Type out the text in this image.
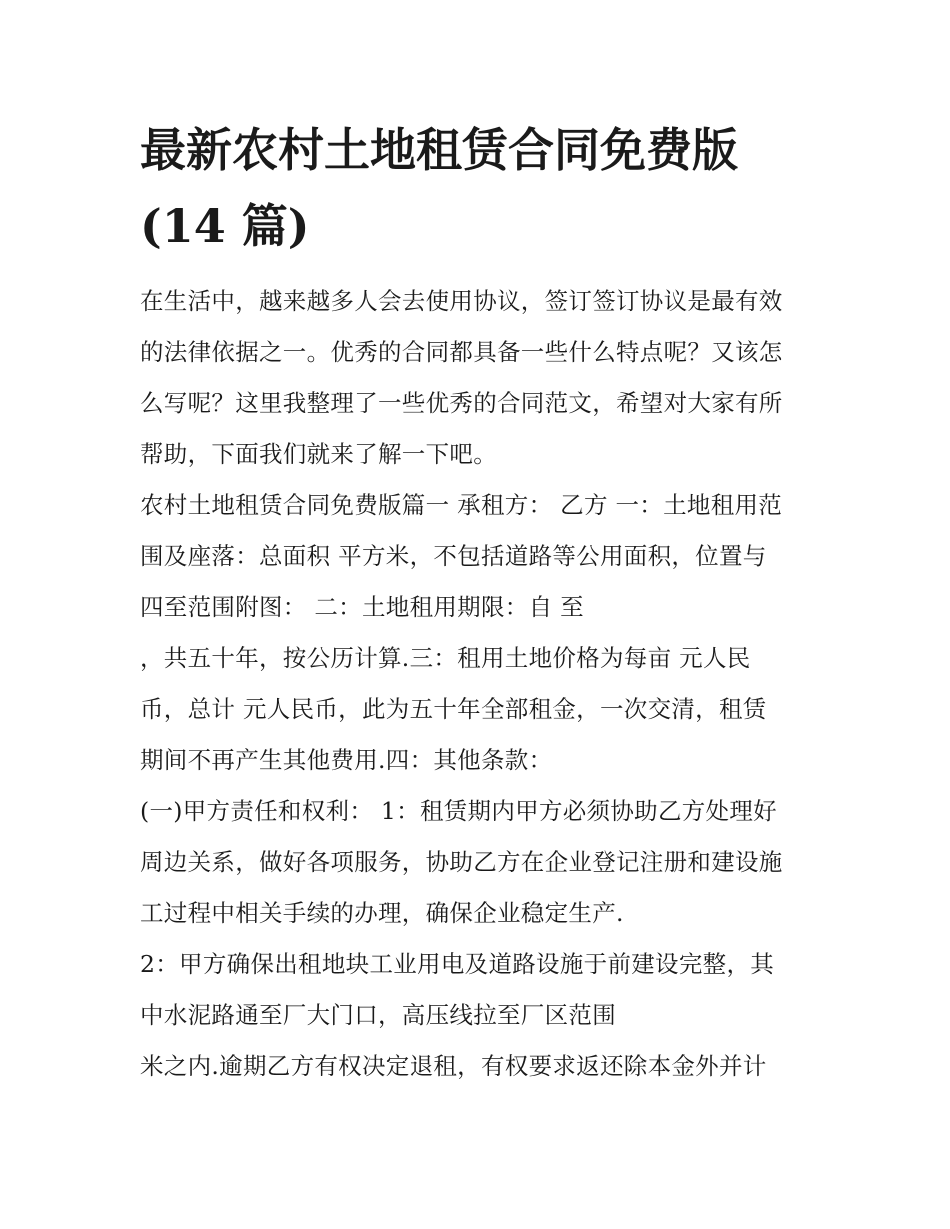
最新农村土地租赁合同免费版
(14 篇)
在生活中，越来越多人会去使用协议，签订签订协议是最有效
的法律依据之一。优秀的合同都具备一些什么特点呢？又该怎
么写呢？这里我整理了一些优秀的合同范文，希望对大家有所
帮助，下面我们就来了解一下吧。
农村土地租赁合同免费版篇一 承租方： 乙方 一：土地租用范
围及座落：总面积 平方米，不包括道路等公用面积，位置与
四至范围附图： 二：土地租用期限：自 至
，共五十年，按公历计算.三：租用土地价格为每亩 元人民
币，总计 元人民币，此为五十年全部租金，一次交清，租赁
期间不再产生其他费用.四：其他条款：
(一)甲方责任和权利： 1：租赁期内甲方必须协助乙方处理好
周边关系，做好各项服务，协助乙方在企业登记注册和建设施
工过程中相关手续的办理，确保企业稳定生产.
2：甲方确保出租地块工业用电及道路设施于前建设完整，其
中水泥路通至厂大门口，高压线拉至厂区范围
米之内.逾期乙方有权决定退租，有权要求返还除本金外并计
